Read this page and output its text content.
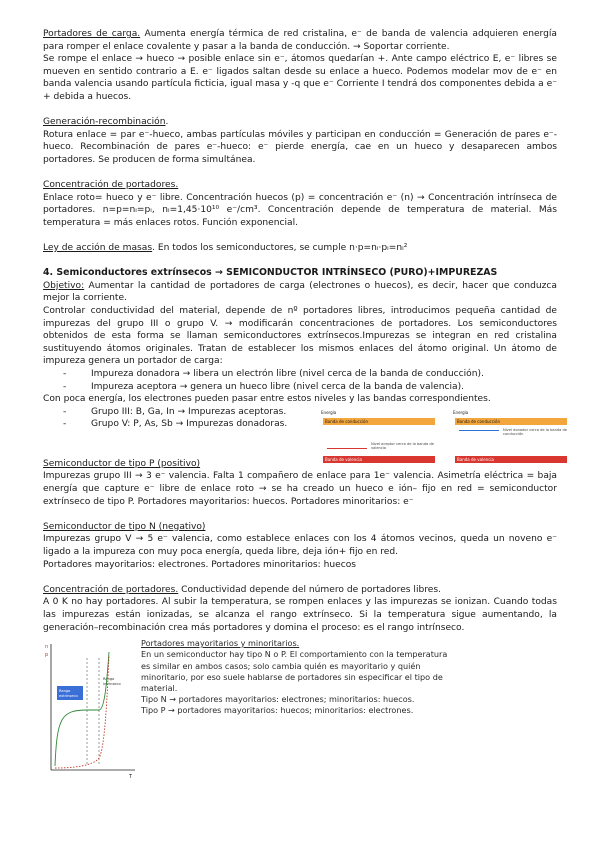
Portadores de carga. Aumenta energía térmica de red cristalina, e⁻ de banda de valencia adquieren energía para romper el enlace covalente y pasar a la banda de conducción. → Soportar corriente.

Se rompe el enlace → hueco → posible enlace sin e⁻, átomos quedarían +. Ante campo eléctrico E, e⁻ libres se mueven en sentido contrario a E. e⁻ ligados saltan desde su enlace a hueco. Podemos modelar mov de e⁻ en banda valencia usando partícula ficticia, igual masa y -q que e⁻ Corriente I tendrá dos componentes debida a e⁻ + debida a huecos.

Generación-recombinación.

Rotura enlace = par e⁻-hueco, ambas partículas móviles y participan en conducción = Generación de pares e⁻-hueco. Recombinación de pares e⁻-hueco: e⁻ pierde energía, cae en un hueco y desaparecen ambos portadores. Se producen de forma simultánea.

Concentración de portadores.

Enlace roto= hueco y e⁻ libre. Concentración huecos (p) = concentración e⁻ (n) → Concentración intrínseca de portadores. n=p=nᵢ=pᵢ, nᵢ=1,45·10¹⁰ e⁻/cm³. Concentración depende de temperatura de material. Más temperatura = más enlaces rotos. Función exponencial.

Ley de acción de masas. En todos los semiconductores, se cumple n·p=nᵢ·pᵢ=nᵢ²

4. Semiconductores extrínsecos → SEMICONDUCTOR INTRÍNSECO (PURO)+IMPUREZAS

Objetivo: Aumentar la cantidad de portadores de carga (electrones o huecos), es decir, hacer que conduzca mejor la corriente.

Controlar conductividad del material, depende de nº portadores libres, introducimos pequeña cantidad de impurezas del grupo III o grupo V. → modificarán concentraciones de portadores. Los semiconductores obtenidos de esta forma se llaman semiconductores extrínsecos.Impurezas se integran en red cristalina sustituyendo átomos originales. Tratan de establecer los mismos enlaces del átomo original. Un átomo de impureza genera un portador de carga:

- Impureza donadora → libera un electrón libre (nivel cerca de la banda de conducción).
- Impureza aceptora → genera un hueco libre (nivel cerca de la banda de valencia).

Con poca energía, los electrones pueden pasar entre estos niveles y las bandas correspondientes.

- Grupo III: B, Ga, In → Impurezas aceptoras.
- Grupo V: P, As, Sb → Impurezas donadoras.
Energía
Banda de conducción
Nivel aceptor cerca de la banda de valencia
Banda de valencia
Energía
Banda de conducción
Nivel donador cerca de la banda de conducción
Banda de valencia

Semiconductor de tipo P (positivo)

Impurezas grupo III → 3 e⁻ valencia. Falta 1 compañero de enlace para 1e⁻ valencia. Asimetría eléctrica = baja energía que capture e⁻ libre de enlace roto → se ha creado un hueco e ión– fijo en red = semiconductor extrínseco de tipo P. Portadores mayoritarios: huecos. Portadores minoritarios: e⁻

Semiconductor de tipo N (negativo)

Impurezas grupo V → 5 e⁻ valencia, como establece enlaces con los 4 átomos vecinos, queda un noveno e⁻ ligado a la impureza con muy poca energía, queda libre, deja ión+ fijo en red.

Portadores mayoritarios: electrones. Portadores minoritarios: huecos

Concentración de portadores. Conductividad depende del número de portadores libres.

A 0 K no hay portadores. Al subir la temperatura, se rompen enlaces y las impurezas se ionizan. Cuando todas las impurezas están ionizadas, se alcanza el rango extrínseco. Si la temperatura sigue aumentando, la generación–recombinación crea más portadores y domina el proceso: es el rango intrínseco.

n
p
T
Rango
extrínseco
Rango
intrínseco

Portadores mayoritarios y minoritarios.

En un semiconductor hay tipo N o P. El comportamiento con la temperatura es similar en ambos casos; solo cambia quién es mayoritario y quién minoritario, por eso suele hablarse de portadores sin especificar el tipo de material.

Tipo N → portadores mayoritarios: electrones; minoritarios: huecos.

Tipo P → portadores mayoritarios: huecos; minoritarios: electrones.
